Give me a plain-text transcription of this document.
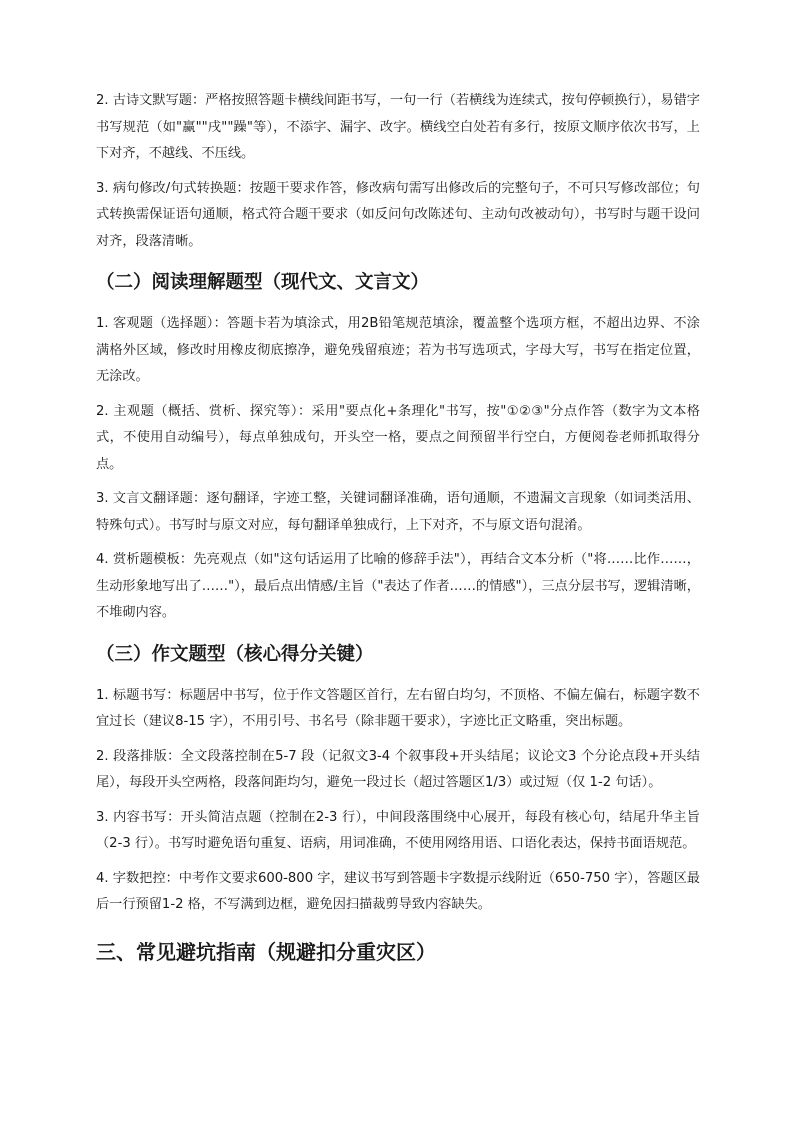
2. 古诗文默写题：严格按照答题卡横线间距书写，一句一行（若横线为连续式，按句停顿换行），易错字书写规范（如"赢""戌""躁"等），不添字、漏字、改字。横线空白处若有多行，按原文顺序依次书写，上下对齐，不越线、不压线。

3. 病句修改/句式转换题：按题干要求作答，修改病句需写出修改后的完整句子，不可只写修改部位；句式转换需保证语句通顺，格式符合题干要求（如反问句改陈述句、主动句改被动句），书写时与题干设问对齐，段落清晰。

（二）阅读理解题型（现代文、文言文）

1. 客观题（选择题）：答题卡若为填涂式，用2B铅笔规范填涂，覆盖整个选项方框，不超出边界、不涂满格外区域，修改时用橡皮彻底擦净，避免残留痕迹；若为书写选项式，字母大写，书写在指定位置，无涂改。

2. 主观题（概括、赏析、探究等）：采用"要点化+条理化"书写，按"①②③"分点作答（数字为文本格式，不使用自动编号），每点单独成句，开头空一格，要点之间预留半行空白，方便阅卷老师抓取得分点。

3. 文言文翻译题：逐句翻译，字迹工整，关键词翻译准确，语句通顺，不遗漏文言现象（如词类活用、特殊句式）。书写时与原文对应，每句翻译单独成行，上下对齐，不与原文语句混淆。

4. 赏析题模板：先亮观点（如"这句话运用了比喻的修辞手法"），再结合文本分析（"将……比作……，生动形象地写出了……"），最后点出情感/主旨（"表达了作者……的情感"），三点分层书写，逻辑清晰，不堆砌内容。

（三）作文题型（核心得分关键）

1. 标题书写：标题居中书写，位于作文答题区首行，左右留白均匀，不顶格、不偏左偏右，标题字数不宜过长（建议8-15 字），不用引号、书名号（除非题干要求），字迹比正文略重，突出标题。

2. 段落排版：全文段落控制在5-7 段（记叙文3-4 个叙事段+开头结尾；议论文3 个分论点段+开头结尾），每段开头空两格，段落间距均匀，避免一段过长（超过答题区1/3）或过短（仅 1-2 句话）。

3. 内容书写：开头简洁点题（控制在2-3 行），中间段落围绕中心展开，每段有核心句，结尾升华主旨（2-3 行）。书写时避免语句重复、语病，用词准确，不使用网络用语、口语化表达，保持书面语规范。

4. 字数把控：中考作文要求600-800 字，建议书写到答题卡字数提示线附近（650-750 字），答题区最后一行预留1-2 格，不写满到边框，避免因扫描裁剪导致内容缺失。

三、常见避坑指南（规避扣分重灾区）
